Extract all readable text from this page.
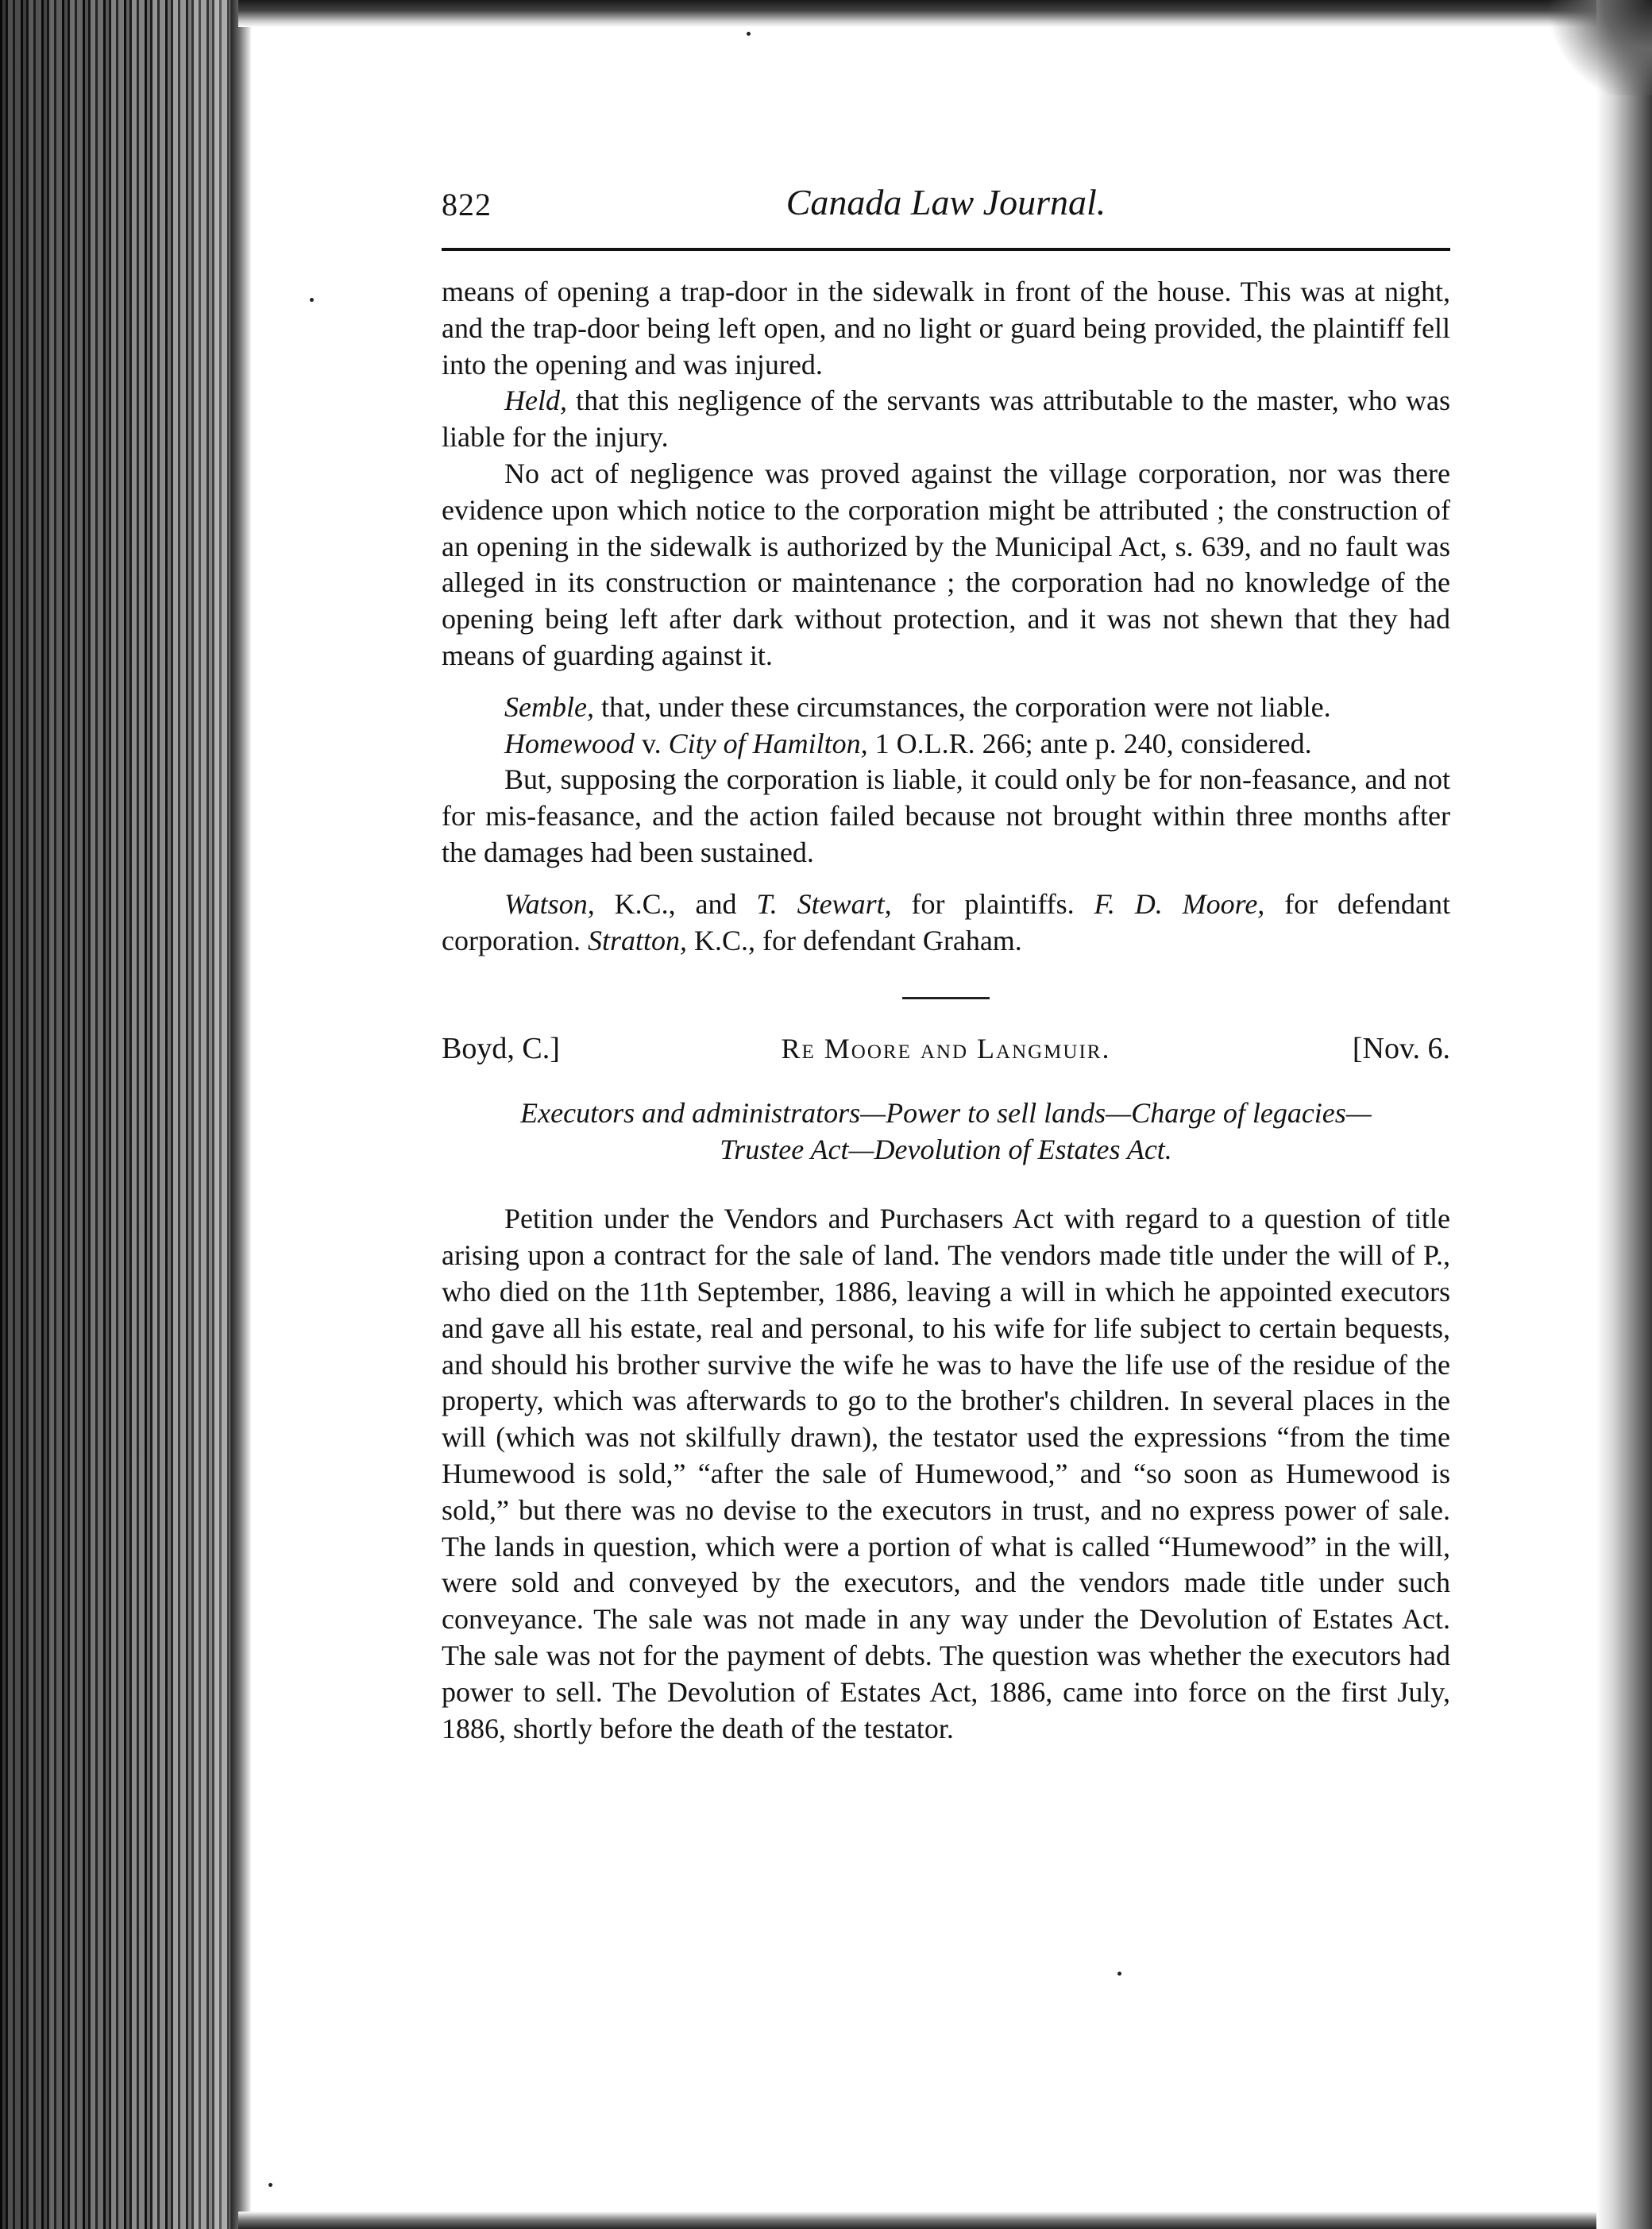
822	Canada Law Journal.

means of opening a trap-door in the sidewalk in front of the house. This was at night, and the trap-door being left open, and no light or guard being provided, the plaintiff fell into the opening and was injured.

Held, that this negligence of the servants was attributable to the master, who was liable for the injury.

No act of negligence was proved against the village corporation, nor was there evidence upon which notice to the corporation might be attributed ; the construction of an opening in the sidewalk is authorized by the Municipal Act, s. 639, and no fault was alleged in its construction or maintenance ; the corporation had no knowledge of the opening being left after dark without protection, and it was not shewn that they had means of guarding against it.

Semble, that, under these circumstances, the corporation were not liable.

Homewood v. City of Hamilton, 1 O.L.R. 266; ante p. 240, considered.

But, supposing the corporation is liable, it could only be for non-feasance, and not for mis-feasance, and the action failed because not brought within three months after the damages had been sustained.

Watson, K.C., and T. Stewart, for plaintiffs. F. D. Moore, for defendant corporation. Stratton, K.C., for defendant Graham.

Boyd, C.]	Re Moore and Langmuir.	[Nov. 6.

Executors and administrators—Power to sell lands—Charge of legacies—
Trustee Act—Devolution of Estates Act.

Petition under the Vendors and Purchasers Act with regard to a question of title arising upon a contract for the sale of land. The vendors made title under the will of P., who died on the 11th September, 1886, leaving a will in which he appointed executors and gave all his estate, real and personal, to his wife for life subject to certain bequests, and should his brother survive the wife he was to have the life use of the residue of the property, which was afterwards to go to the brother's children. In several places in the will (which was not skilfully drawn), the testator used the expressions “from the time Humewood is sold,” “after the sale of Humewood,” and “so soon as Humewood is sold,” but there was no devise to the executors in trust, and no express power of sale. The lands in question, which were a portion of what is called “Humewood” in the will, were sold and conveyed by the executors, and the vendors made title under such conveyance. The sale was not made in any way under the Devolution of Estates Act. The sale was not for the payment of debts. The question was whether the executors had power to sell. The Devolution of Estates Act, 1886, came into force on the first July, 1886, shortly before the death of the testator.
